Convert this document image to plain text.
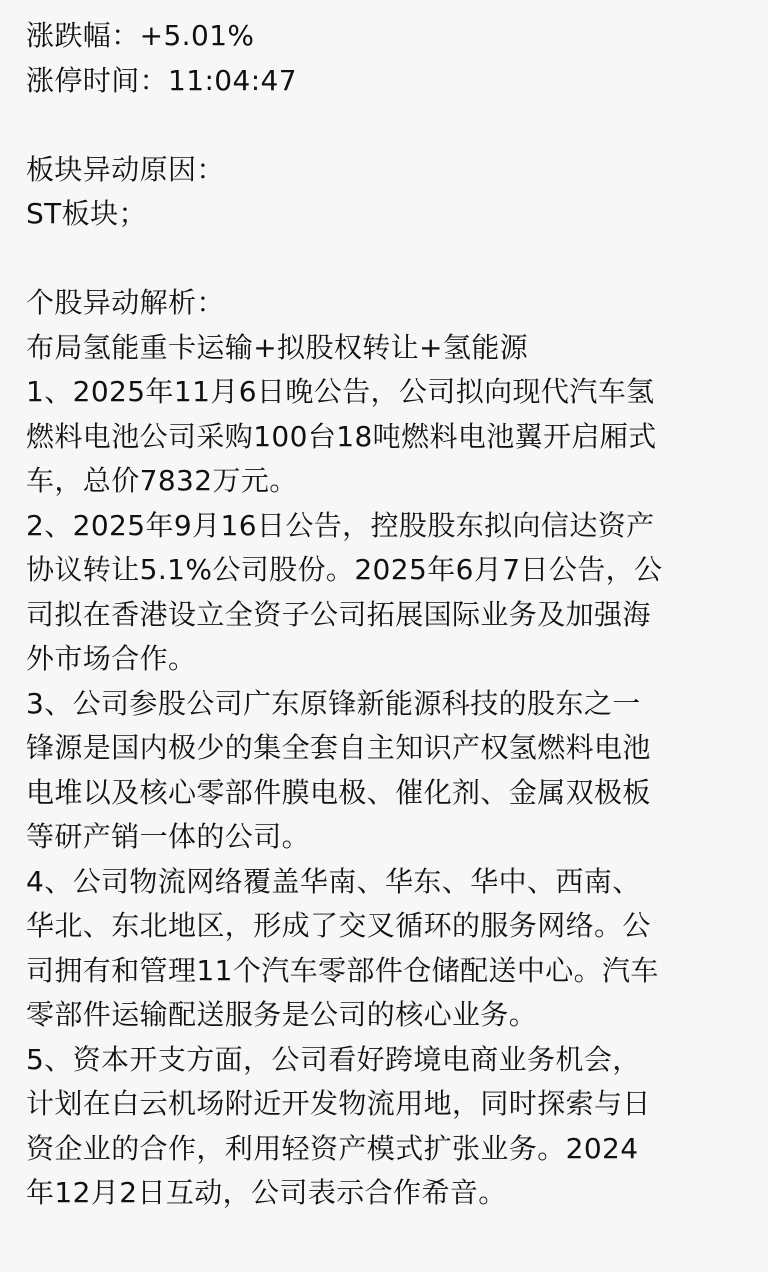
涨跌幅：+5.01%
涨停时间：11:04:47
板块异动原因：
ST板块；
个股异动解析：
布局氢能重卡运输+拟股权转让+氢能源
1、2025年11月6日晚公告，公司拟向现代汽车氢
燃料电池公司采购100台18吨燃料电池翼开启厢式
车，总价7832万元。
2、2025年9月16日公告，控股股东拟向信达资产
协议转让5.1%公司股份。2025年6月7日公告，公
司拟在香港设立全资子公司拓展国际业务及加强海
外市场合作。
3、公司参股公司广东原锋新能源科技的股东之一
锋源是国内极少的集全套自主知识产权氢燃料电池
电堆以及核心零部件膜电极、催化剂、金属双极板
等研产销一体的公司。
4、公司物流网络覆盖华南、华东、华中、西南、
华北、东北地区，形成了交叉循环的服务网络。公
司拥有和管理11个汽车零部件仓储配送中心。汽车
零部件运输配送服务是公司的核心业务。
5、资本开支方面，公司看好跨境电商业务机会，
计划在白云机场附近开发物流用地，同时探索与日
资企业的合作，利用轻资产模式扩张业务。2024
年12月2日互动，公司表示合作希音。
